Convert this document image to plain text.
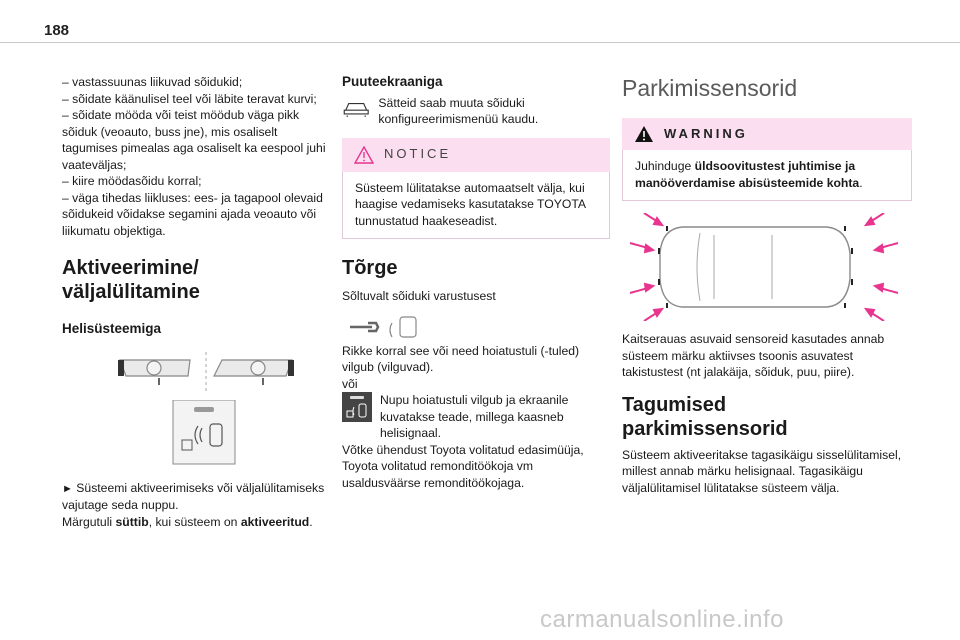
188

– vastassuunas liikuvad sõidukid;

– sõidate käänulisel teel või läbite teravat kurvi;

– sõidate mööda või teist möödub väga pikk sõiduk (veoauto, buss jne), mis osaliselt tagumises pimealas aga osaliselt ka eespool juhi vaateväljas;

– kiire möödasõidu korral;

– väga tihedas liikluses: ees- ja tagapool olevaid sõidukeid võidakse segamini ajada veoauto või liikumatu objektiga.

Aktiveerimine/
väljalülitamine
Helisüsteemiga

► Süsteemi aktiveerimiseks või väljalülitamiseks vajutage seda nuppu.

Märgutuli süttib, kui süsteem on aktiveeritud.

Puuteekraaniga

Sätteid saab muuta sõiduki konfigureerimismenüü kaudu.

NOTICE

Süsteem lülitatakse automaatselt välja, kui haagise vedamiseks kasutatakse TOYOTA tunnustatud haakeseadist.

Tõrge

Sõltuvalt sõiduki varustusest

Rikke korral see või need hoiatustuli (-tuled) vilgub (vilguvad).

või

Nupu hoiatustuli vilgub ja ekraanile kuvatakse teade, millega kaasneb helisignaal.

Võtke ühendust Toyota volitatud edasimüüja, Toyota volitatud remonditöökoja vm usaldusväärse remonditöökojaga.

Parkimissensorid
WARNING

Juhinduge üldsoovitustest juhtimise ja manööverdamise abisüsteemide kohta.

Kaitserauas asuvaid sensoreid kasutades annab süsteem märku aktiivses tsoonis asuvatest takistustest (nt jalakäija, sõiduk, puu, piire).

Tagumised
parkimissensorid

Süsteem aktiveeritakse tagasikäigu sisselülitamisel, millest annab märku helisignaal. Tagasikäigu väljalülitamisel lülitatakse süsteem välja.

carmanualsonline.info
